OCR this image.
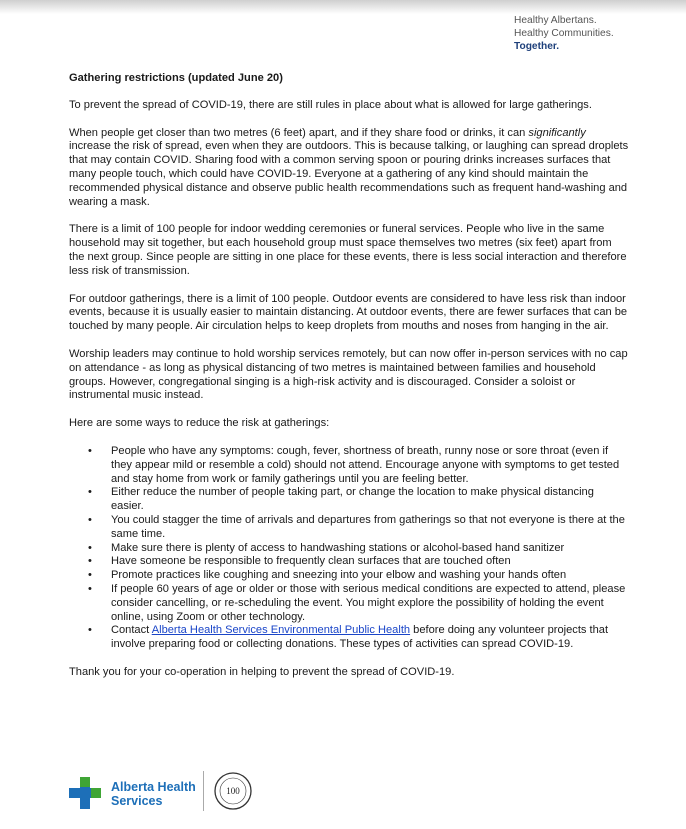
Healthy Albertans.
Healthy Communities.
Together.
Gathering restrictions (updated June 20)

To prevent the spread of COVID-19, there are still rules in place about what is allowed for large gatherings.

When people get closer than two metres (6 feet) apart, and if they share food or drinks, it can significantly increase the risk of spread, even when they are outdoors. This is because talking, or laughing can spread droplets that may contain COVID. Sharing food with a common serving spoon or pouring drinks increases surfaces that many people touch, which could have COVID-19. Everyone at a gathering of any kind should maintain the recommended physical distance and observe public health recommendations such as frequent hand-washing and wearing a mask.

There is a limit of 100 people for indoor wedding ceremonies or funeral services. People who live in the same household may sit together, but each household group must space themselves two metres (six feet) apart from the next group. Since people are sitting in one place for these events, there is less social interaction and therefore less risk of transmission.

For outdoor gatherings, there is a limit of 100 people. Outdoor events are considered to have less risk than indoor events, because it is usually easier to maintain distancing. At outdoor events, there are fewer surfaces that can be touched by many people. Air circulation helps to keep droplets from mouths and noses from hanging in the air.

Worship leaders may continue to hold worship services remotely, but can now offer in-person services with no cap on attendance - as long as physical distancing of two metres is maintained between families and household groups. However, congregational singing is a high-risk activity and is discouraged. Consider a soloist or instrumental music instead.

Here are some ways to reduce the risk at gatherings:

• People who have any symptoms: cough, fever, shortness of breath, runny nose or sore throat (even if they appear mild or resemble a cold) should not attend. Encourage anyone with symptoms to get tested and stay home from work or family gatherings until you are feeling better.
• Either reduce the number of people taking part, or change the location to make physical distancing easier.
• You could stagger the time of arrivals and departures from gatherings so that not everyone is there at the same time.
• Make sure there is plenty of access to handwashing stations or alcohol-based hand sanitizer
• Have someone be responsible to frequently clean surfaces that are touched often
• Promote practices like coughing and sneezing into your elbow and washing your hands often
• If people 60 years of age or older or those with serious medical conditions are expected to attend, please consider cancelling, or re-scheduling the event. You might explore the possibility of holding the event online, using Zoom or other technology.
• Contact Alberta Health Services Environmental Public Health before doing any volunteer projects that involve preparing food or collecting donations. These types of activities can spread COVID-19.

Thank you for your co-operation in helping to prevent the spread of COVID-19.

Alberta Health
Services
100
